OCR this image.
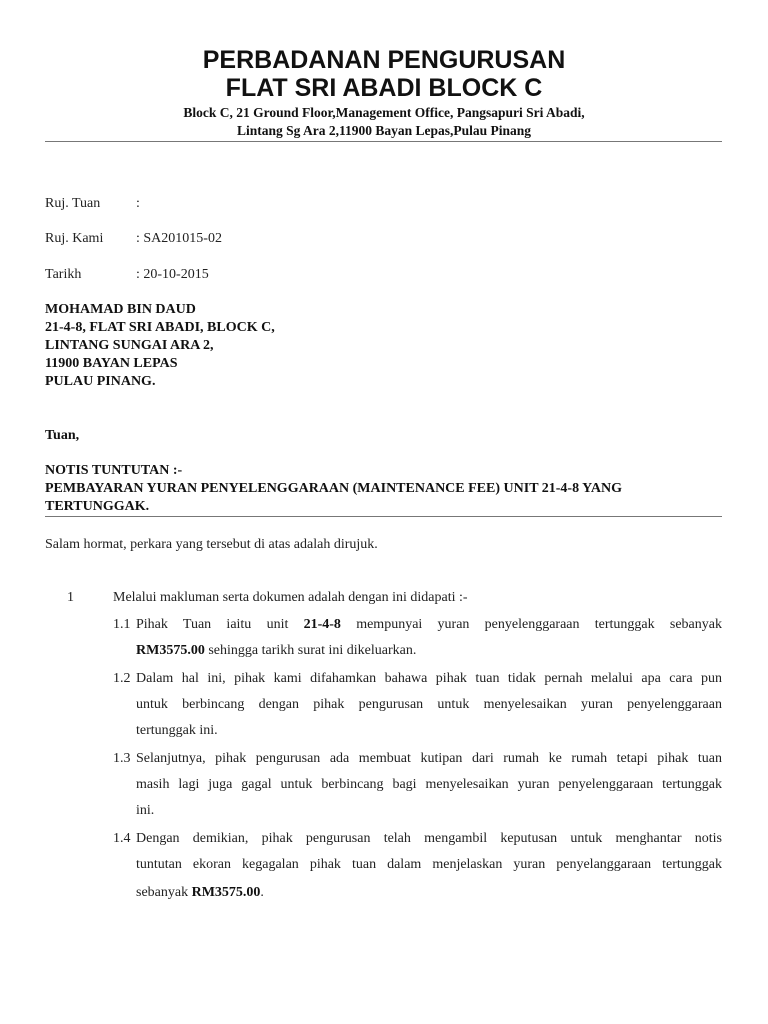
PERBADANAN PENGURUSAN
FLAT SRI ABADI BLOCK C
Block C, 21 Ground Floor,Management Office, Pangsapuri Sri Abadi,
Lintang Sg Ara 2,11900 Bayan Lepas,Pulau Pinang
Ruj. Tuan	:
Ruj. Kami : SA201015-02
Tarikh	: 20-10-2015
MOHAMAD BIN DAUD
21-4-8, FLAT SRI ABADI, BLOCK C,
LINTANG SUNGAI ARA 2,
11900 BAYAN LEPAS
PULAU PINANG.
Tuan,
NOTIS TUNTUTAN :-
PEMBAYARAN YURAN PENYELENGGARAAN (MAINTENANCE FEE) UNIT 21-4-8 YANG
TERTUNGGAK.
Salam hormat, perkara yang tersebut di atas adalah dirujuk.
1	Melalui makluman serta dokumen adalah dengan ini didapati :-
1.1 Pihak Tuan iaitu unit 21-4-8 mempunyai yuran penyelenggaraan tertunggak sebanyak
RM3575.00 sehingga tarikh surat ini dikeluarkan.
1.2 Dalam hal ini, pihak kami difahamkan bahawa pihak tuan tidak pernah melalui apa cara pun
untuk berbincang dengan pihak pengurusan untuk menyelesaikan yuran penyelenggaraan
tertunggak ini.
1.3 Selanjutnya, pihak pengurusan ada membuat kutipan dari rumah ke rumah tetapi pihak tuan
masih lagi juga gagal untuk berbincang bagi menyelesaikan yuran penyelenggaraan tertunggak
ini.
1.4 Dengan demikian, pihak pengurusan telah mengambil keputusan untuk menghantar notis
tuntutan ekoran kegagalan pihak tuan dalam menjelaskan yuran penyelanggaraan tertunggak
sebanyak RM3575.00.
